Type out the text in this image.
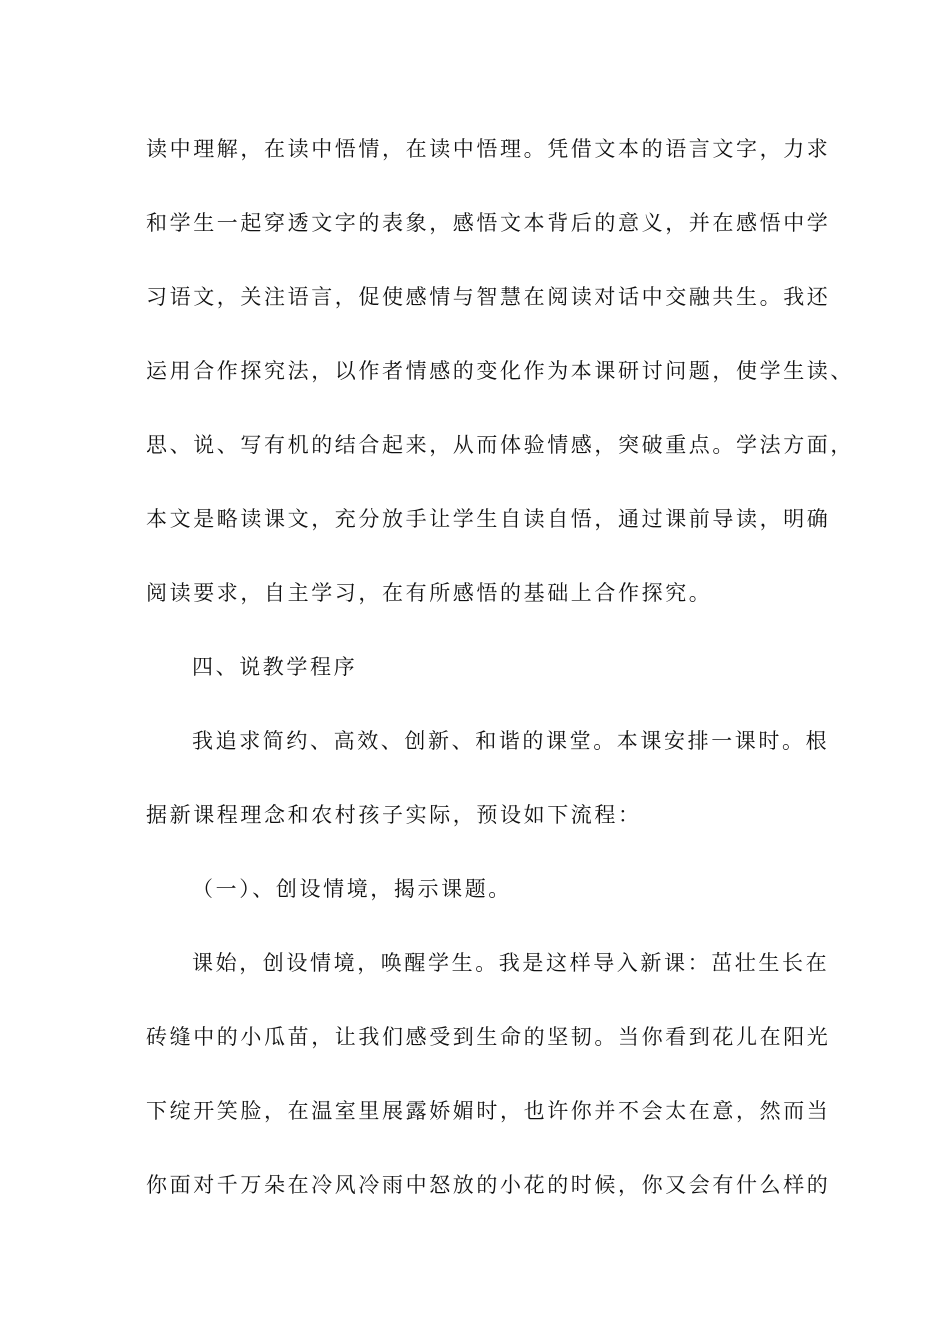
读中理解，在读中悟情，在读中悟理。凭借文本的语言文字，力求
和学生一起穿透文字的表象，感悟文本背后的意义，并在感悟中学
习语文，关注语言，促使感情与智慧在阅读对话中交融共生。我还
运用合作探究法，以作者情感的变化作为本课研讨问题，使学生读、
思、说、写有机的结合起来，从而体验情感，突破重点。学法方面，
本文是略读课文，充分放手让学生自读自悟，通过课前导读，明确
阅读要求，自主学习，在有所感悟的基础上合作探究。
四、说教学程序
我追求简约、高效、创新、和谐的课堂。本课安排一课时。根
据新课程理念和农村孩子实际，预设如下流程：
（一）、创设情境，揭示课题。
课始，创设情境，唤醒学生。我是这样导入新课：茁壮生长在
砖缝中的小瓜苗，让我们感受到生命的坚韧。当你看到花儿在阳光
下绽开笑脸，在温室里展露娇媚时，也许你并不会太在意，然而当
你面对千万朵在冷风冷雨中怒放的小花的时候，你又会有什么样的
